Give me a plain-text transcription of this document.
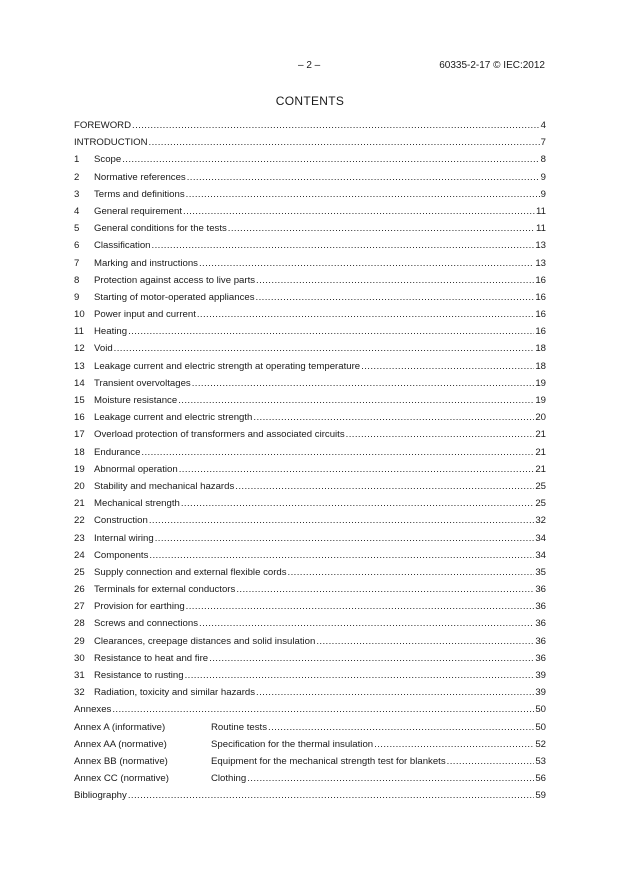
– 2 –	60335-2-17 © IEC:2012
CONTENTS
FOREWORD .....	4
INTRODUCTION .....	7
1	Scope .....	8
2	Normative references .....	9
3	Terms and definitions .....	9
4	General requirement .....	11
5	General conditions for the tests .....	11
6	Classification .....	13
7	Marking and instructions .....	13
8	Protection against access to live parts .....	16
9	Starting of motor-operated appliances .....	16
10 Power input and current .....	16
11	Heating .....	16
12 Void .....	18
13 Leakage current and electric strength at operating temperature .....	18
14 Transient overvoltages .....	19
15 Moisture resistance .....	19
16 Leakage current and electric strength .....	20
17 Overload protection of transformers and associated circuits .....	21
18 Endurance .....	21
19 Abnormal operation .....	21
20 Stability and mechanical hazards .....	25
21 Mechanical strength .....	25
22 Construction .....	32
23 Internal wiring .....	34
24 Components .....	34
25 Supply connection and external flexible cords .....	35
26 Terminals for external conductors .....	36
27 Provision for earthing .....	36
28 Screws and connections .....	36
29 Clearances, creepage distances and solid insulation .....	36
30 Resistance to heat and fire .....	36
31 Resistance to rusting .....	39
32 Radiation, toxicity and similar hazards .....	39
Annexes .....	50
Annex A (informative)	Routine tests .....	50
Annex AA (normative)	Specification for the thermal insulation .....	52
Annex BB (normative)	Equipment for the mechanical strength test for blankets .....	53
Annex CC (normative)	Clothing .....	56
Bibliography .....	59
